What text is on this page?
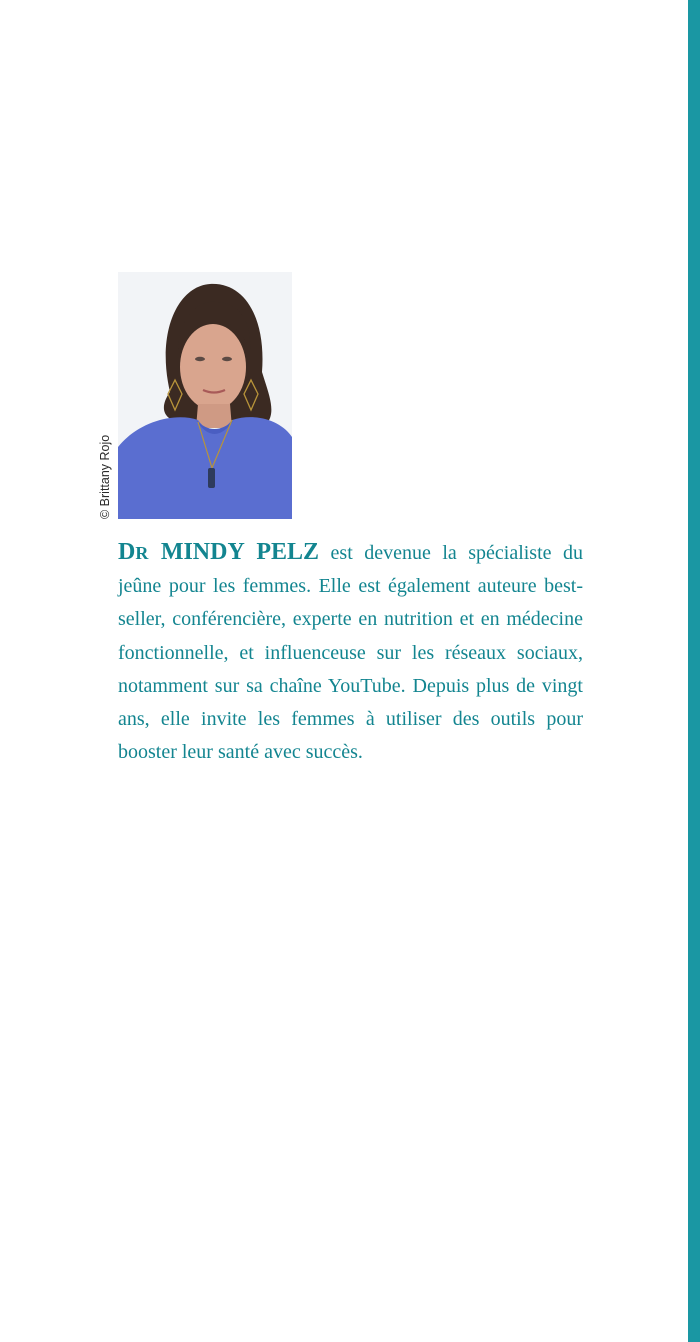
© Brittany Rojo

DR MINDY PELZ est devenue la spécialiste du jeûne pour les femmes. Elle est également auteure best-seller, conférencière, experte en nutrition et en médecine fonctionnelle, et influenceuse sur les réseaux sociaux, notamment sur sa chaîne YouTube. Depuis plus de vingt ans, elle invite les femmes à utiliser des outils pour booster leur santé avec succès.
